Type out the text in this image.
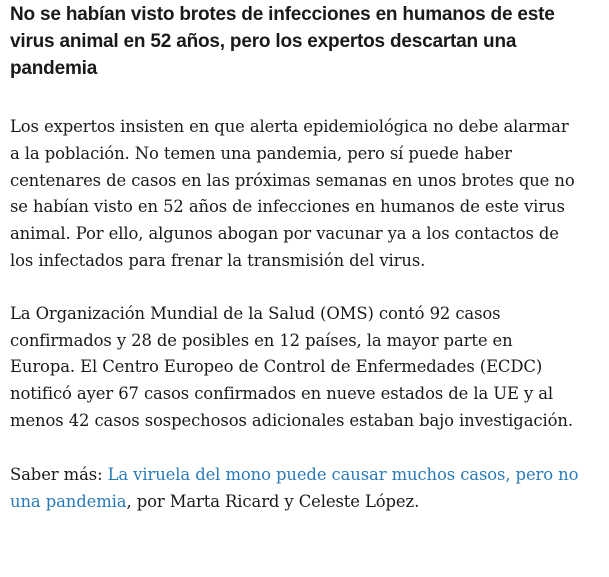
No se habían visto brotes de infecciones en humanos de este virus animal en 52 años, pero los expertos descartan una pandemia

Los expertos insisten en que alerta epidemiológica no debe alarmar a la población. No temen una pandemia, pero sí puede haber centenares de casos en las próximas semanas en unos brotes que no se habían visto en 52 años de infecciones en humanos de este virus animal. Por ello, algunos abogan por vacunar ya a los contactos de los infectados para frenar la transmisión del virus.

La Organización Mundial de la Salud (OMS) contó 92 casos confirmados y 28 de posibles en 12 países, la mayor parte en Europa. El Centro Europeo de Control de Enfermedades (ECDC) notificó ayer 67 casos confirmados en nueve estados de la UE y al menos 42 casos sospechosos adicionales estaban bajo investigación.

Saber más: La viruela del mono puede causar muchos casos, pero no una pandemia, por Marta Ricard y Celeste López.
